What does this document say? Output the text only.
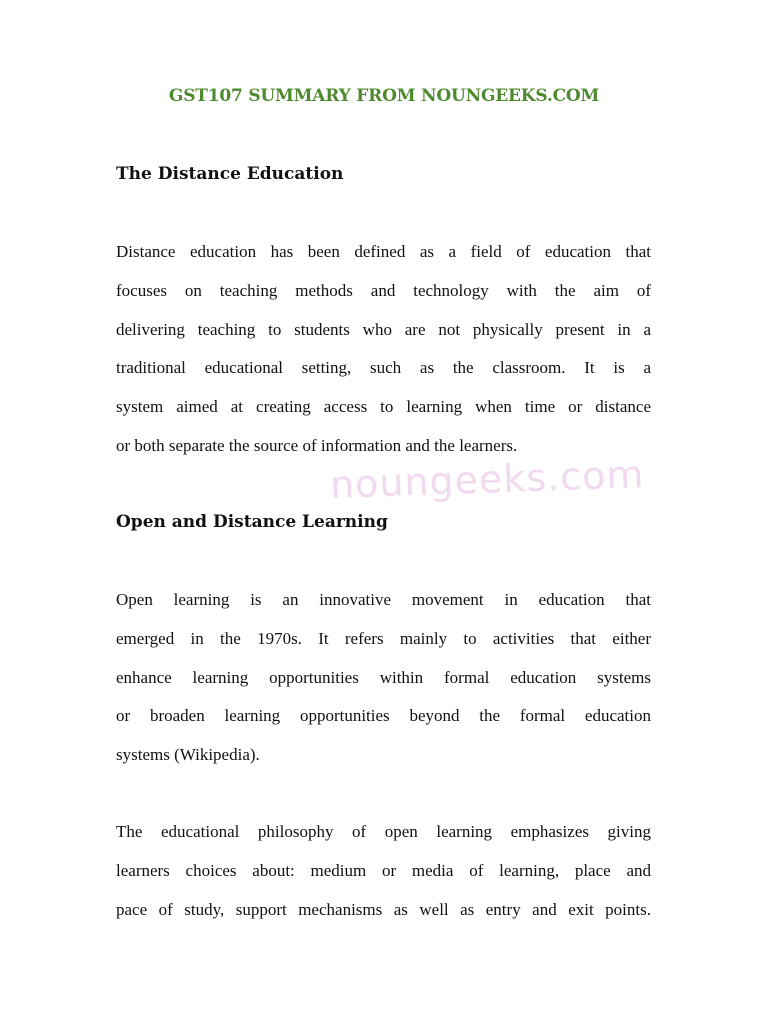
noungeeks.com
GST107 SUMMARY FROM NOUNGEEKS.COM
The Distance Education
Distance education has been defined as a field of education that
focuses on teaching methods and technology with the aim of
delivering teaching to students who are not physically present in a
traditional educational setting, such as the classroom. It is a
system aimed at creating access to learning when time or distance
or both separate the source of information and the learners.
Open and Distance Learning
Open learning is an innovative movement in education that
emerged in the 1970s. It refers mainly to activities that either
enhance learning opportunities within formal education systems
or broaden learning opportunities beyond the formal education
systems (Wikipedia).
The educational philosophy of open learning emphasizes giving
learners choices about: medium or media of learning, place and
pace of study, support mechanisms as well as entry and exit points.
